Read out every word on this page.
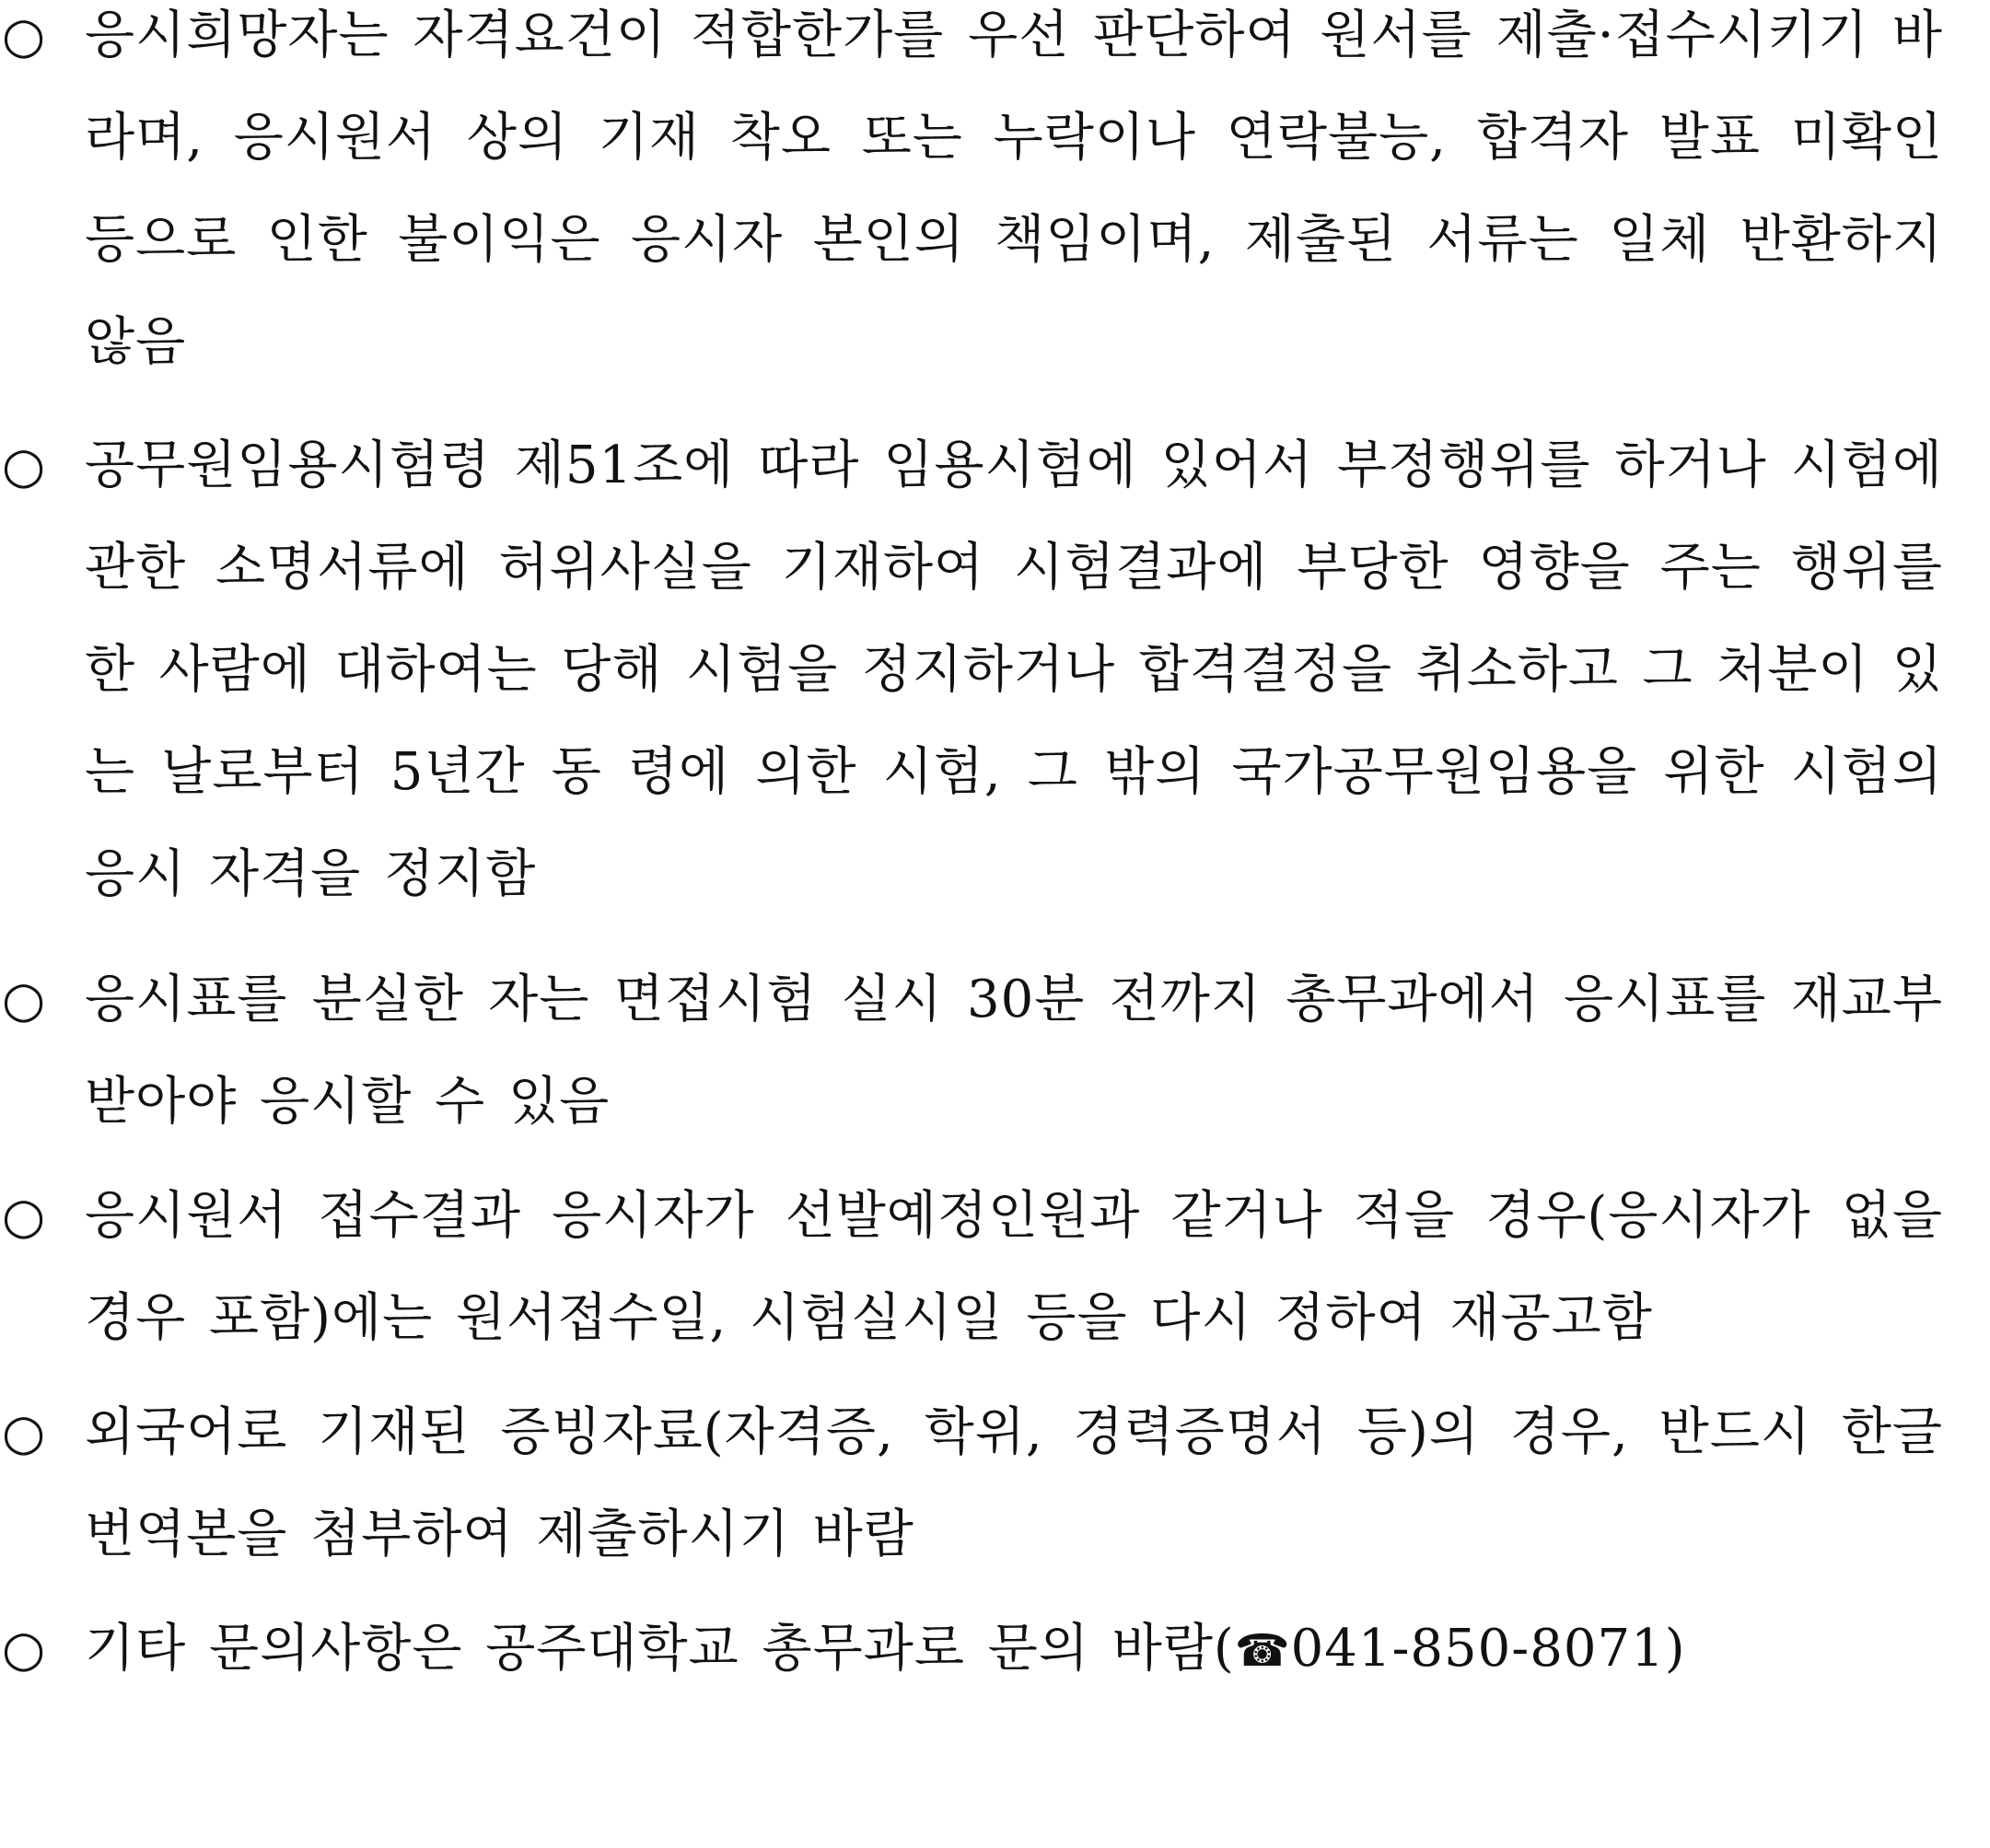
○ 응시희망자는 자격요건이 적합한가를 우선 판단하여 원서를 제출·접수시키기 바라며, 응시원서 상의 기재 착오 또는 누락이나 연락불능, 합격자 발표 미확인 등으로 인한 불이익은 응시자 본인의 책임이며, 제출된 서류는 일체 반환하지 않음
○ 공무원임용시험령 제51조에 따라 임용시험에 있어서 부정행위를 하거나 시험에 관한 소명서류에 허위사실을 기재하여 시험결과에 부당한 영향을 주는 행위를 한 사람에 대하여는 당해 시험을 정지하거나 합격결정을 취소하고 그 처분이 있는 날로부터 5년간 동 령에 의한 시험, 그 밖의 국가공무원임용을 위한 시험의 응시 자격을 정지함
○ 응시표를 분실한 자는 면접시험 실시 30분 전까지 총무과에서 응시표를 재교부 받아야 응시할 수 있음
○ 응시원서 접수결과 응시자가 선발예정인원과 같거나 적을 경우(응시자가 없을 경우 포함)에는 원서접수일, 시험실시일 등을 다시 정하여 재공고함
○ 외국어로 기재된 증빙자료(자격증, 학위, 경력증명서 등)의 경우, 반드시 한글 번역본을 첨부하여 제출하시기 바람
○ 기타 문의사항은 공주대학교 총무과로 문의 바람(☎041-850-8071)
